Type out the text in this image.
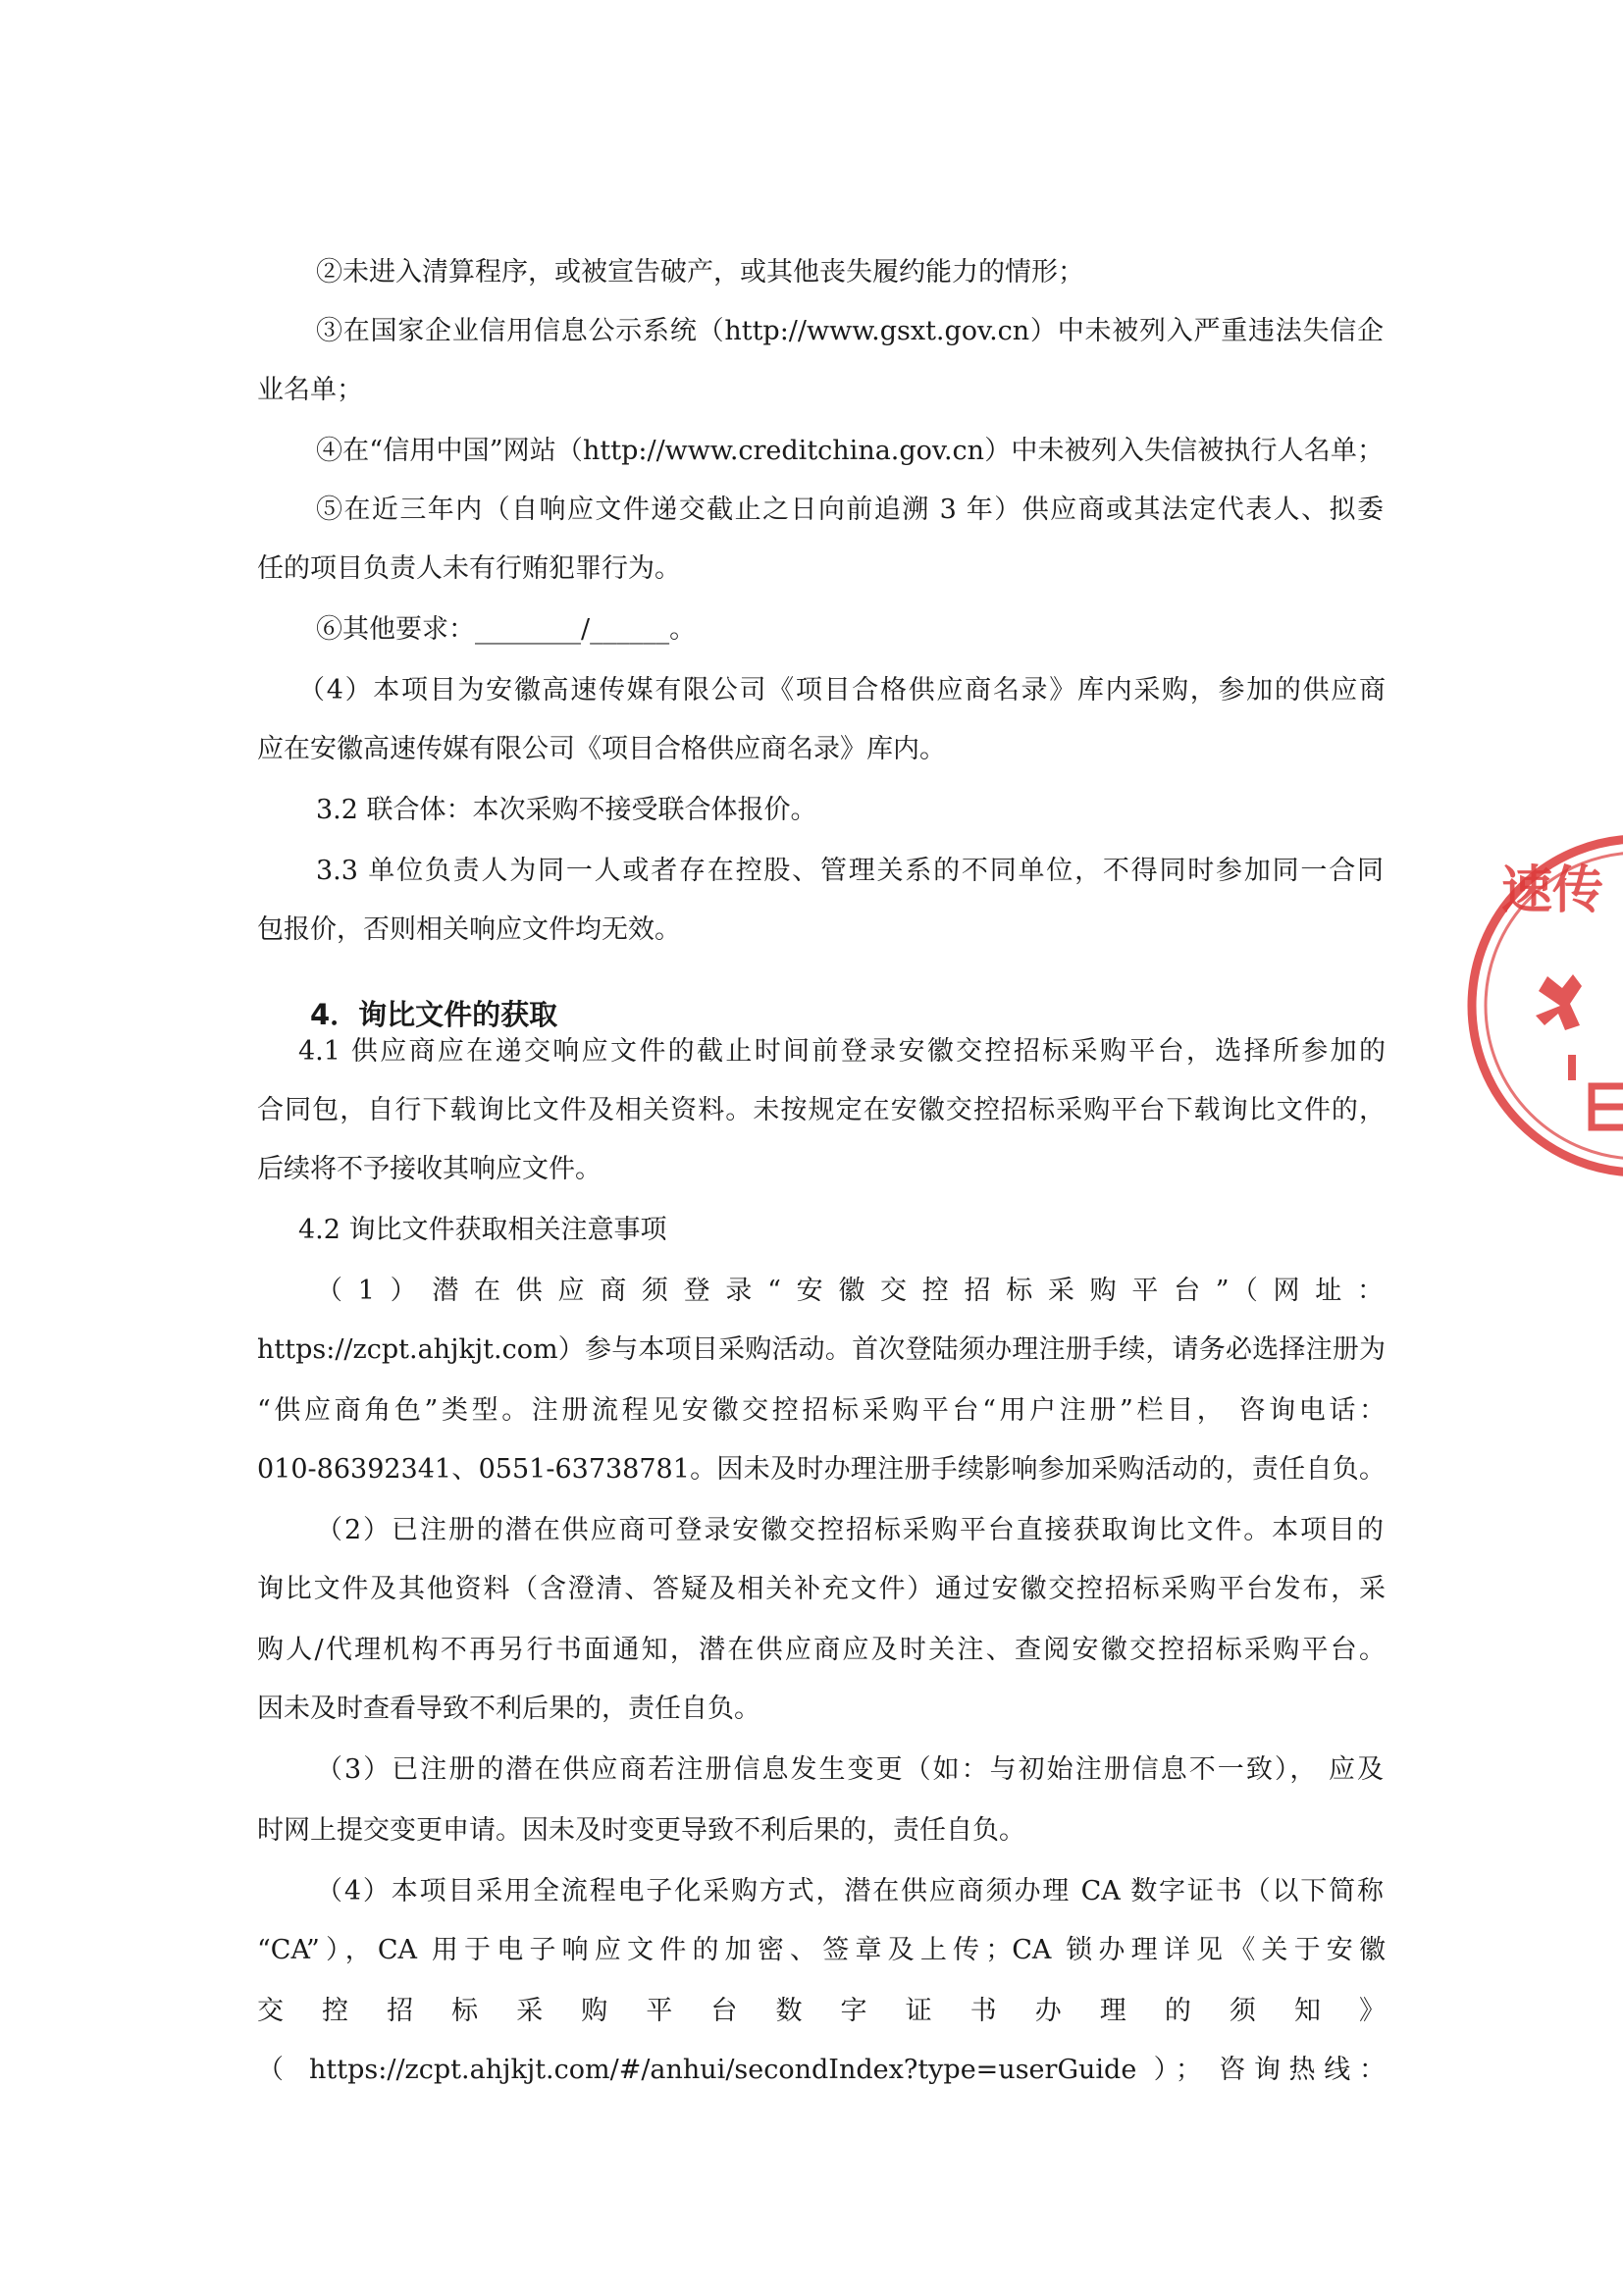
②未进入清算程序，或被宣告破产，或其他丧失履约能力的情形；

③在国家企业信用信息公示系统（http://www.gsxt.gov.cn）中未被列入严重违法失信企

业名单；

④在“信用中国”网站（http://www.creditchina.gov.cn）中未被列入失信被执行人名单；

⑤在近三年内（自响应文件递交截止之日向前追溯 3 年）供应商或其法定代表人、拟委

任的项目负责人未有行贿犯罪行为。

⑥其他要求：________/______。

（4）本项目为安徽高速传媒有限公司《项目合格供应商名录》库内采购，参加的供应商

应在安徽高速传媒有限公司《项目合格供应商名录》库内。

3.2 联合体：本次采购不接受联合体报价。

3.3 单位负责人为同一人或者存在控股、管理关系的不同单位，不得同时参加同一合同

包报价，否则相关响应文件均无效。

4．询比文件的获取

4.1 供应商应在递交响应文件的截止时间前登录安徽交控招标采购平台，选择所参加的

合同包，自行下载询比文件及相关资料。未按规定在安徽交控招标采购平台下载询比文件的，

后续将不予接收其响应文件。

4.2 询比文件获取相关注意事项

（1）潜在供应商须登录“安徽交控招标采购平台”（网址：

https://zcpt.ahjkjt.com）参与本项目采购活动。首次登陆须办理注册手续，请务必选择注册为

“供应商角色”类型。注册流程见安徽交控招标采购平台“用户注册”栏目， 咨询电话：

010-86392341、0551-63738781。因未及时办理注册手续影响参加采购活动的，责任自负。

（2）已注册的潜在供应商可登录安徽交控招标采购平台直接获取询比文件。本项目的

询比文件及其他资料（含澄清、答疑及相关补充文件）通过安徽交控招标采购平台发布，采

购人/代理机构不再另行书面通知，潜在供应商应及时关注、查阅安徽交控招标采购平台。

因未及时查看导致不利后果的，责任自负。

（3）已注册的潜在供应商若注册信息发生变更（如：与初始注册信息不一致）， 应及

时网上提交变更申请。因未及时变更导致不利后果的，责任自负。

（4）本项目采用全流程电子化采购方式，潜在供应商须办理 CA 数字证书（以下简称

“CA”），CA 用于电子响应文件的加密、签章及上传；CA 锁办理详见《关于安徽

交控招标采购平台数字证书办理的须知》

（ https://zcpt.ahjkjt.com/#/anhui/secondIndex?type=userGuide ）； 咨询热线：

速传
